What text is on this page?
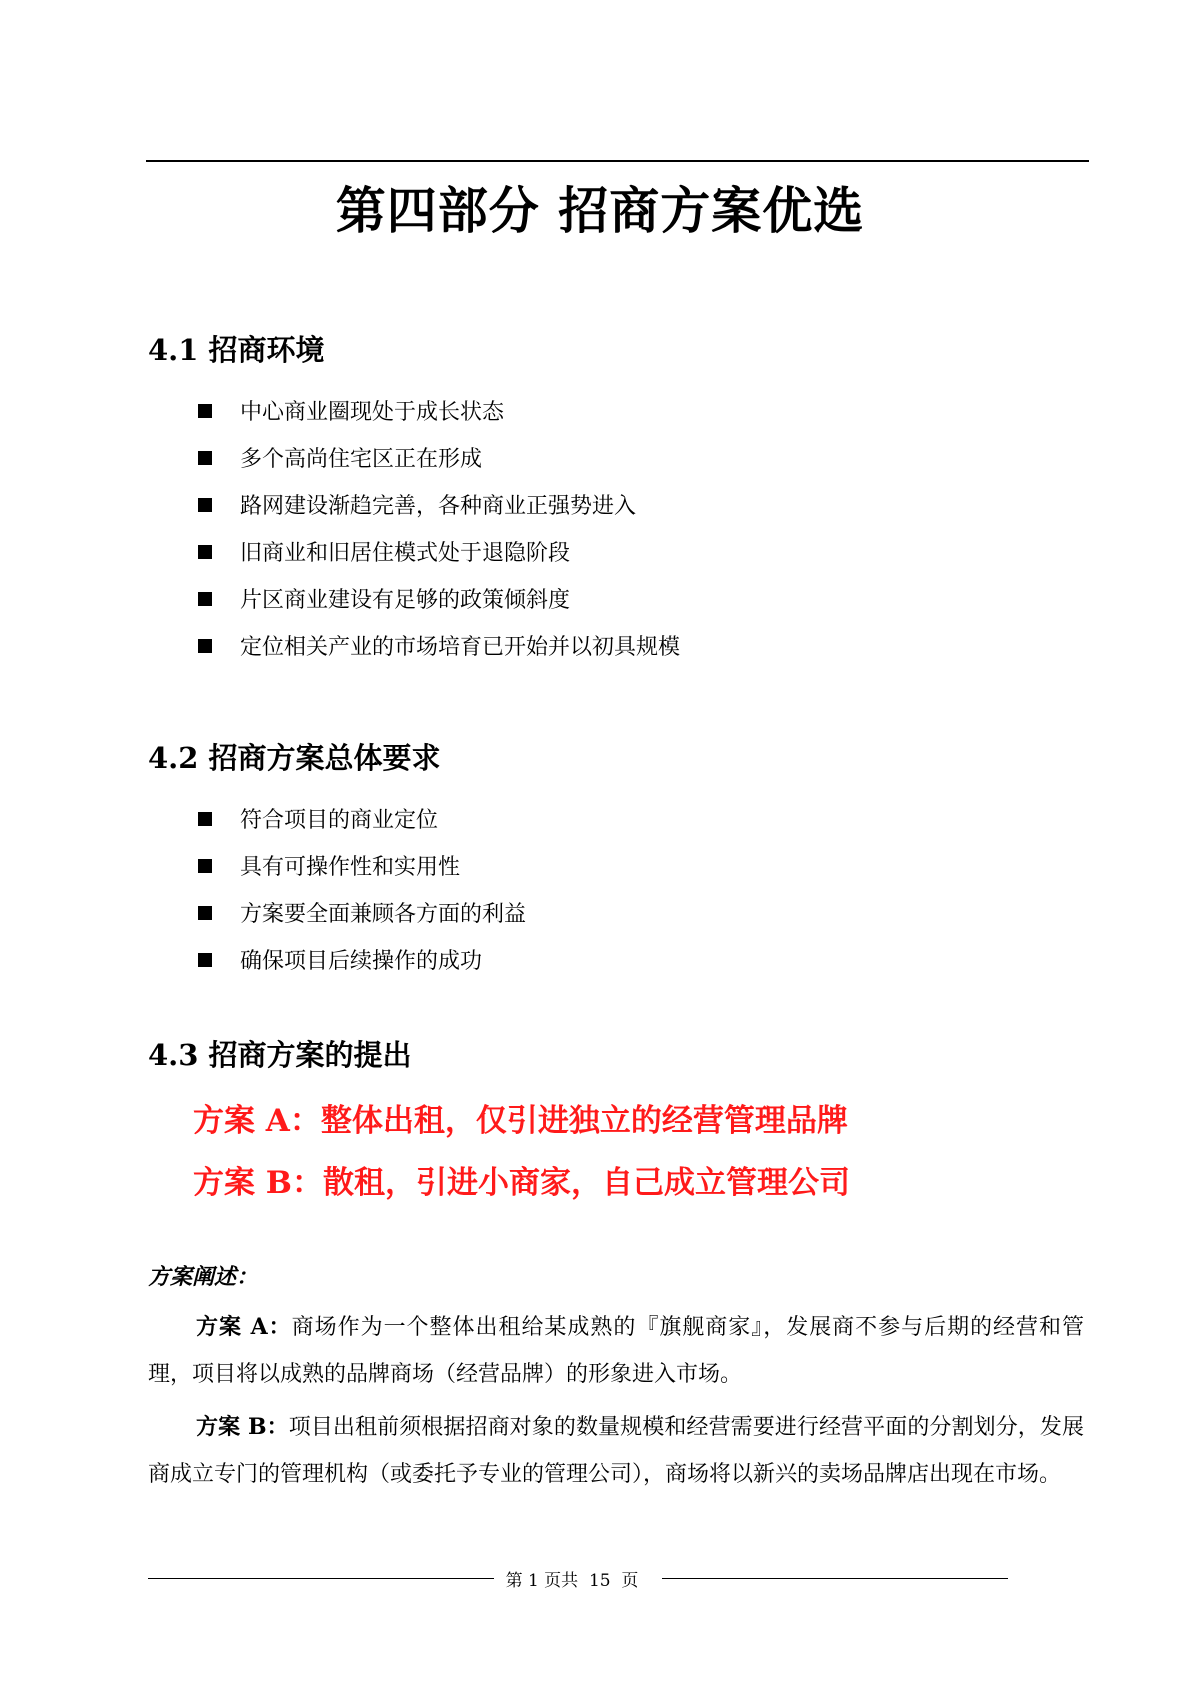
第四部分 招商方案优选
4.1 招商环境
中心商业圈现处于成长状态
多个高尚住宅区正在形成
路网建设渐趋完善，各种商业正强势进入
旧商业和旧居住模式处于退隐阶段
片区商业建设有足够的政策倾斜度
定位相关产业的市场培育已开始并以初具规模
4.2 招商方案总体要求
符合项目的商业定位
具有可操作性和实用性
方案要全面兼顾各方面的利益
确保项目后续操作的成功
4.3 招商方案的提出
方案 A：整体出租，仅引进独立的经营管理品牌
方案 B：散租，引进小商家，自己成立管理公司
方案阐述：

方案 A：商场作为一个整体出租给某成熟的『旗舰商家』，发展商不参与后期的经营和管理，项目将以成熟的品牌商场（经营品牌）的形象进入市场。

方案 B：项目出租前须根据招商对象的数量规模和经营需要进行经营平面的分割划分，发展商成立专门的管理机构（或委托予专业的管理公司），商场将以新兴的卖场品牌店出现在市场。

第 1 页共  15  页
